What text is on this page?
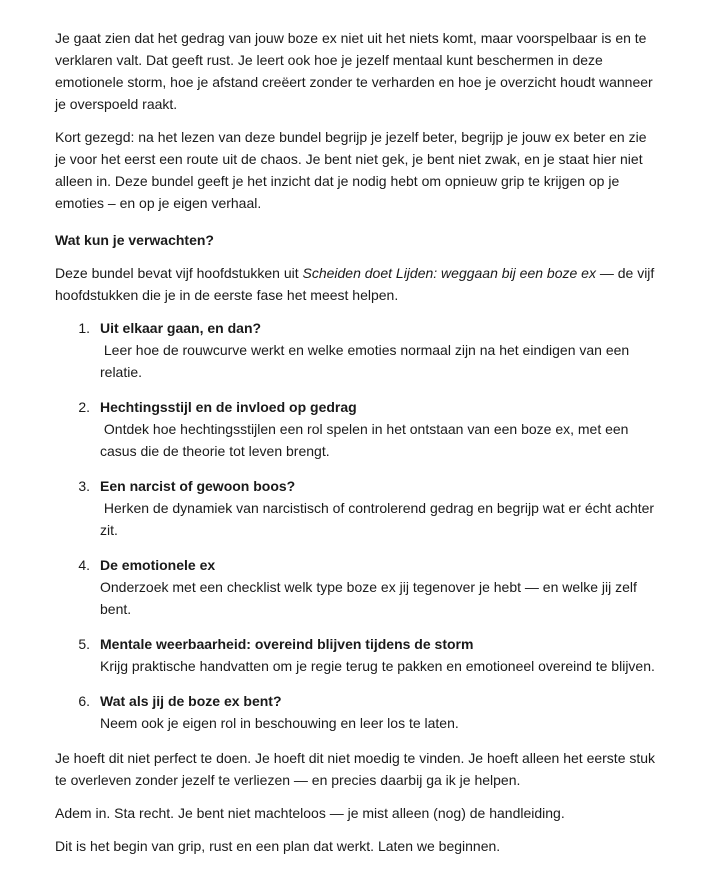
Je gaat zien dat het gedrag van jouw boze ex niet uit het niets komt, maar voorspelbaar is en te verklaren valt. Dat geeft rust. Je leert ook hoe je jezelf mentaal kunt beschermen in deze emotionele storm, hoe je afstand creëert zonder te verharden en hoe je overzicht houdt wanneer je overspoeld raakt.

Kort gezegd: na het lezen van deze bundel begrijp je jezelf beter, begrijp je jouw ex beter en zie je voor het eerst een route uit de chaos. Je bent niet gek, je bent niet zwak, en je staat hier niet alleen in. Deze bundel geeft je het inzicht dat je nodig hebt om opnieuw grip te krijgen op je emoties – en op je eigen verhaal.

Wat kun je verwachten?

Deze bundel bevat vijf hoofdstukken uit Scheiden doet Lijden: weggaan bij een boze ex — de vijf hoofdstukken die je in de eerste fase het meest helpen.

1. Uit elkaar gaan, en dan?
Leer hoe de rouwcurve werkt en welke emoties normaal zijn na het eindigen van een relatie.
2. Hechtingsstijl en de invloed op gedrag
Ontdek hoe hechtingsstijlen een rol spelen in het ontstaan van een boze ex, met een casus die de theorie tot leven brengt.
3. Een narcist of gewoon boos?
Herken de dynamiek van narcistisch of controlerend gedrag en begrijp wat er écht achter zit.
4. De emotionele ex
Onderzoek met een checklist welk type boze ex jij tegenover je hebt — en welke jij zelf bent.
5. Mentale weerbaarheid: overeind blijven tijdens de storm
Krijg praktische handvatten om je regie terug te pakken en emotioneel overeind te blijven.
6. Wat als jij de boze ex bent?
Neem ook je eigen rol in beschouwing en leer los te laten.

Je hoeft dit niet perfect te doen. Je hoeft dit niet moedig te vinden. Je hoeft alleen het eerste stuk te overleven zonder jezelf te verliezen — en precies daarbij ga ik je helpen.

Adem in. Sta recht. Je bent niet machteloos — je mist alleen (nog) de handleiding.

Dit is het begin van grip, rust en een plan dat werkt. Laten we beginnen.
